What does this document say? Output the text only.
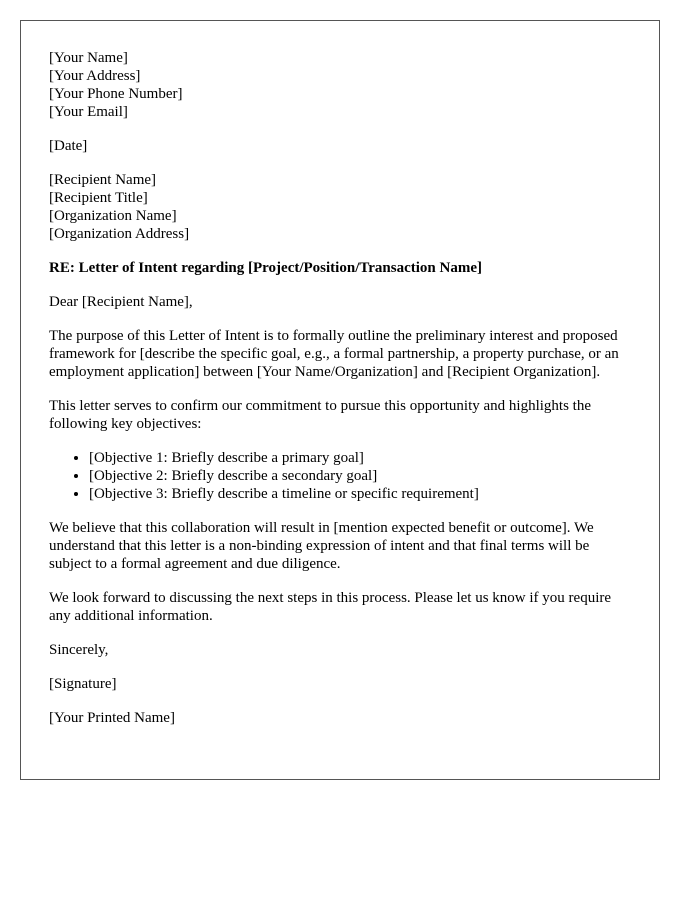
[Your Name]
[Your Address]
[Your Phone Number]
[Your Email]
[Date]
[Recipient Name]
[Recipient Title]
[Organization Name]
[Organization Address]
RE: Letter of Intent regarding [Project/Position/Transaction Name]

Dear [Recipient Name],

The purpose of this Letter of Intent is to formally outline the preliminary interest and proposed framework for [describe the specific goal, e.g., a formal partnership, a property purchase, or an employment application] between [Your Name/Organization] and [Recipient Organization].

This letter serves to confirm our commitment to pursue this opportunity and highlights the following key objectives:

• [Objective 1: Briefly describe a primary goal]
• [Objective 2: Briefly describe a secondary goal]
• [Objective 3: Briefly describe a timeline or specific requirement]

We believe that this collaboration will result in [mention expected benefit or outcome]. We understand that this letter is a non-binding expression of intent and that final terms will be subject to a formal agreement and due diligence.

We look forward to discussing the next steps in this process. Please let us know if you require any additional information.

Sincerely,

[Signature]

[Your Printed Name]
